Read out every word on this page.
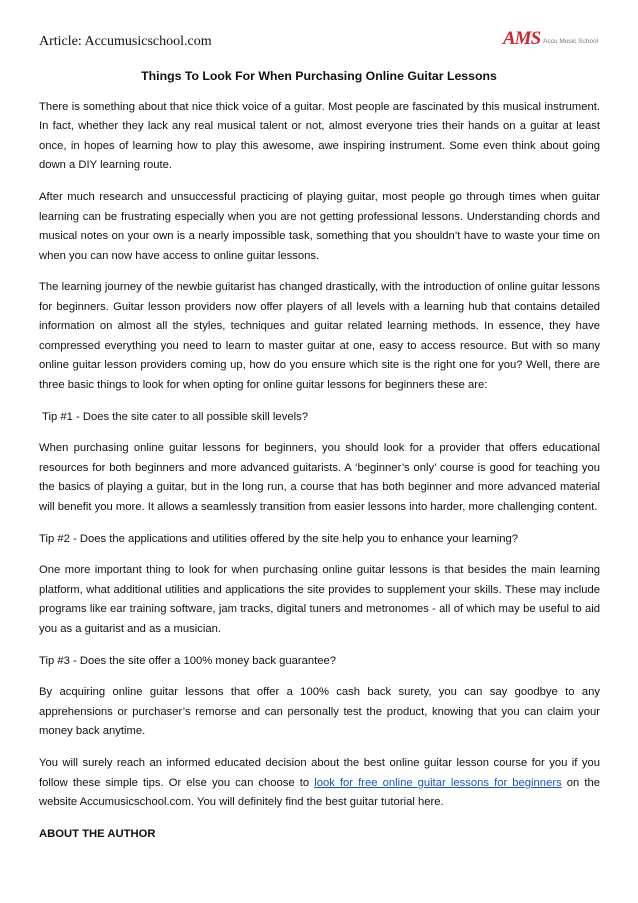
Article: Accumusicschool.com	AMS Accu Music School
Things To Look For When Purchasing Online Guitar Lessons

There is something about that nice thick voice of a guitar. Most people are fascinated by this musical instrument. In fact, whether they lack any real musical talent or not, almost everyone tries their hands on a guitar at least once, in hopes of learning how to play this awesome, awe inspiring instrument. Some even think about going down a DIY learning route.

After much research and unsuccessful practicing of playing guitar, most people go through times when guitar learning can be frustrating especially when you are not getting professional lessons. Understanding chords and musical notes on your own is a nearly impossible task, something that you shouldn’t have to waste your time on when you can now have access to online guitar lessons.

The learning journey of the newbie guitarist has changed drastically, with the introduction of online guitar lessons for beginners. Guitar lesson providers now offer players of all levels with a learning hub that contains detailed information on almost all the styles, techniques and guitar related learning methods. In essence, they have compressed everything you need to learn to master guitar at one, easy to access resource. But with so many online guitar lesson providers coming up, how do you ensure which site is the right one for you? Well, there are three basic things to look for when opting for online guitar lessons for beginners these are:

Tip #1 - Does the site cater to all possible skill levels?

When purchasing online guitar lessons for beginners, you should look for a provider that offers educational resources for both beginners and more advanced guitarists. A ‘beginner’s only’ course is good for teaching you the basics of playing a guitar, but in the long run, a course that has both beginner and more advanced material will benefit you more. It allows a seamlessly transition from easier lessons into harder, more challenging content.

Tip #2 - Does the applications and utilities offered by the site help you to enhance your learning?

One more important thing to look for when purchasing online guitar lessons is that besides the main learning platform, what additional utilities and applications the site provides to supplement your skills. These may include programs like ear training software, jam tracks, digital tuners and metronomes - all of which may be useful to aid you as a guitarist and as a musician.

Tip #3 - Does the site offer a 100% money back guarantee?

By acquiring online guitar lessons that offer a 100% cash back surety, you can say goodbye to any apprehensions or purchaser’s remorse and can personally test the product, knowing that you can claim your money back anytime.

You will surely reach an informed educated decision about the best online guitar lesson course for you if you follow these simple tips. Or else you can choose to look for free online guitar lessons for beginners on the website Accumusicschool.com. You will definitely find the best guitar tutorial here.

ABOUT THE AUTHOR
